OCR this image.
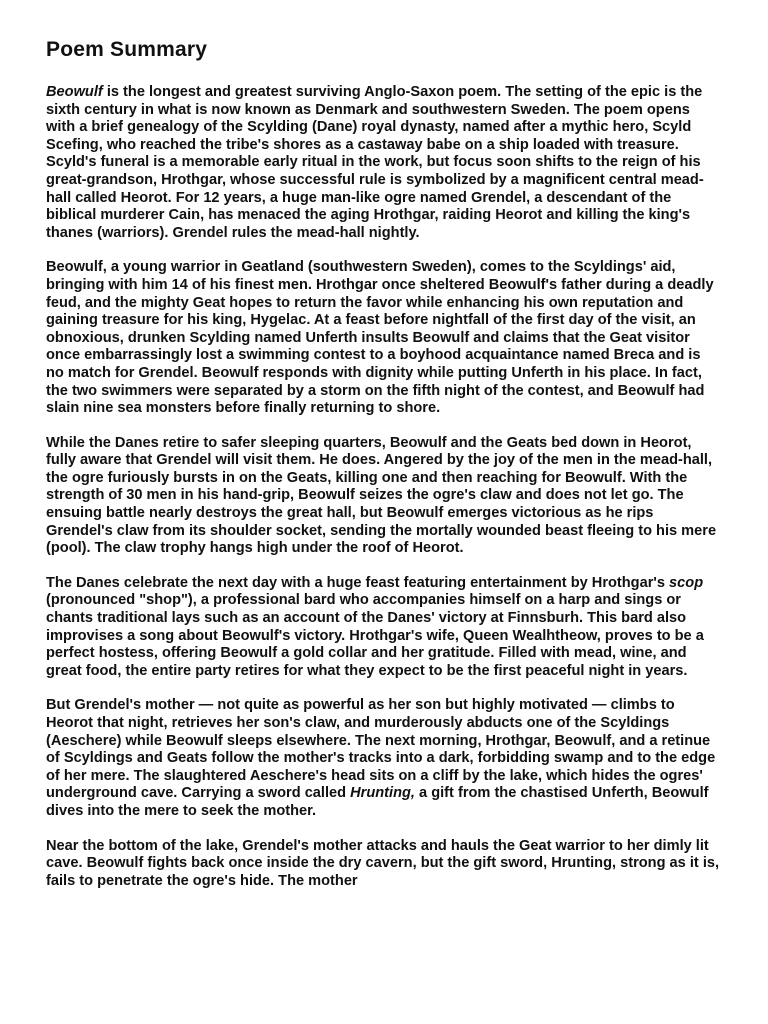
Poem Summary

Beowulf is the longest and greatest surviving Anglo-Saxon poem. The setting of the epic is the sixth century in what is now known as Denmark and southwestern Sweden. The poem opens with a brief genealogy of the Scylding (Dane) royal dynasty, named after a mythic hero, Scyld Scefing, who reached the tribe's shores as a castaway babe on a ship loaded with treasure. Scyld's funeral is a memorable early ritual in the work, but focus soon shifts to the reign of his great-grandson, Hrothgar, whose successful rule is symbolized by a magnificent central mead-hall called Heorot. For 12 years, a huge man-like ogre named Grendel, a descendant of the biblical murderer Cain, has menaced the aging Hrothgar, raiding Heorot and killing the king's thanes (warriors). Grendel rules the mead-hall nightly.

Beowulf, a young warrior in Geatland (southwestern Sweden), comes to the Scyldings' aid, bringing with him 14 of his finest men. Hrothgar once sheltered Beowulf's father during a deadly feud, and the mighty Geat hopes to return the favor while enhancing his own reputation and gaining treasure for his king, Hygelac. At a feast before nightfall of the first day of the visit, an obnoxious, drunken Scylding named Unferth insults Beowulf and claims that the Geat visitor once embarrassingly lost a swimming contest to a boyhood acquaintance named Breca and is no match for Grendel. Beowulf responds with dignity while putting Unferth in his place. In fact, the two swimmers were separated by a storm on the fifth night of the contest, and Beowulf had slain nine sea monsters before finally returning to shore.

While the Danes retire to safer sleeping quarters, Beowulf and the Geats bed down in Heorot, fully aware that Grendel will visit them. He does. Angered by the joy of the men in the mead-hall, the ogre furiously bursts in on the Geats, killing one and then reaching for Beowulf. With the strength of 30 men in his hand-grip, Beowulf seizes the ogre's claw and does not let go. The ensuing battle nearly destroys the great hall, but Beowulf emerges victorious as he rips Grendel's claw from its shoulder socket, sending the mortally wounded beast fleeing to his mere (pool). The claw trophy hangs high under the roof of Heorot.

The Danes celebrate the next day with a huge feast featuring entertainment by Hrothgar's scop (pronounced "shop"), a professional bard who accompanies himself on a harp and sings or chants traditional lays such as an account of the Danes' victory at Finnsburh. This bard also improvises a song about Beowulf's victory. Hrothgar's wife, Queen Wealhtheow, proves to be a perfect hostess, offering Beowulf a gold collar and her gratitude. Filled with mead, wine, and great food, the entire party retires for what they expect to be the first peaceful night in years.

But Grendel's mother — not quite as powerful as her son but highly motivated — climbs to Heorot that night, retrieves her son's claw, and murderously abducts one of the Scyldings (Aeschere) while Beowulf sleeps elsewhere. The next morning, Hrothgar, Beowulf, and a retinue of Scyldings and Geats follow the mother's tracks into a dark, forbidding swamp and to the edge of her mere. The slaughtered Aeschere's head sits on a cliff by the lake, which hides the ogres' underground cave. Carrying a sword called Hrunting, a gift from the chastised Unferth, Beowulf dives into the mere to seek the mother.

Near the bottom of the lake, Grendel's mother attacks and hauls the Geat warrior to her dimly lit cave. Beowulf fights back once inside the dry cavern, but the gift sword, Hrunting, strong as it is, fails to penetrate the ogre's hide. The mother
